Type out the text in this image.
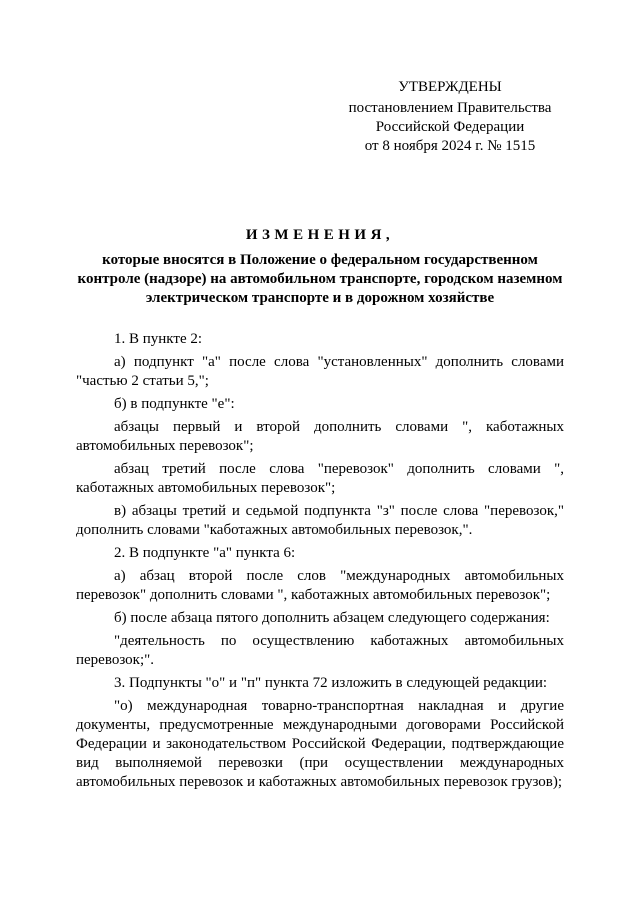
УТВЕРЖДЕНЫ
постановлением Правительства
Российской Федерации
от 8 ноября 2024 г. № 1515
ИЗМЕНЕНИЯ,
которые вносятся в Положение о федеральном государственном контроле (надзоре) на автомобильном транспорте, городском наземном электрическом транспорте и в дорожном хозяйстве

1. В пункте 2:

а) подпункт "а" после слова "установленных" дополнить словами "частью 2 статьи 5,";

б) в подпункте "е":

абзацы первый и второй дополнить словами ", каботажных автомобильных перевозок";

абзац третий после слова "перевозок" дополнить словами ", каботажных автомобильных перевозок";

в) абзацы третий и седьмой подпункта "з" после слова "перевозок," дополнить словами "каботажных автомобильных перевозок,".

2. В подпункте "а" пункта 6:

а) абзац второй после слов "международных автомобильных перевозок" дополнить словами ", каботажных автомобильных перевозок";

б) после абзаца пятого дополнить абзацем следующего содержания:

"деятельность по осуществлению каботажных автомобильных перевозок;".

3. Подпункты "о" и "п" пункта 72 изложить в следующей редакции:

"о) международная товарно-транспортная накладная и другие документы, предусмотренные международными договорами Российской Федерации и законодательством Российской Федерации, подтверждающие вид выполняемой перевозки (при осуществлении международных автомобильных перевозок и каботажных автомобильных перевозок грузов);
